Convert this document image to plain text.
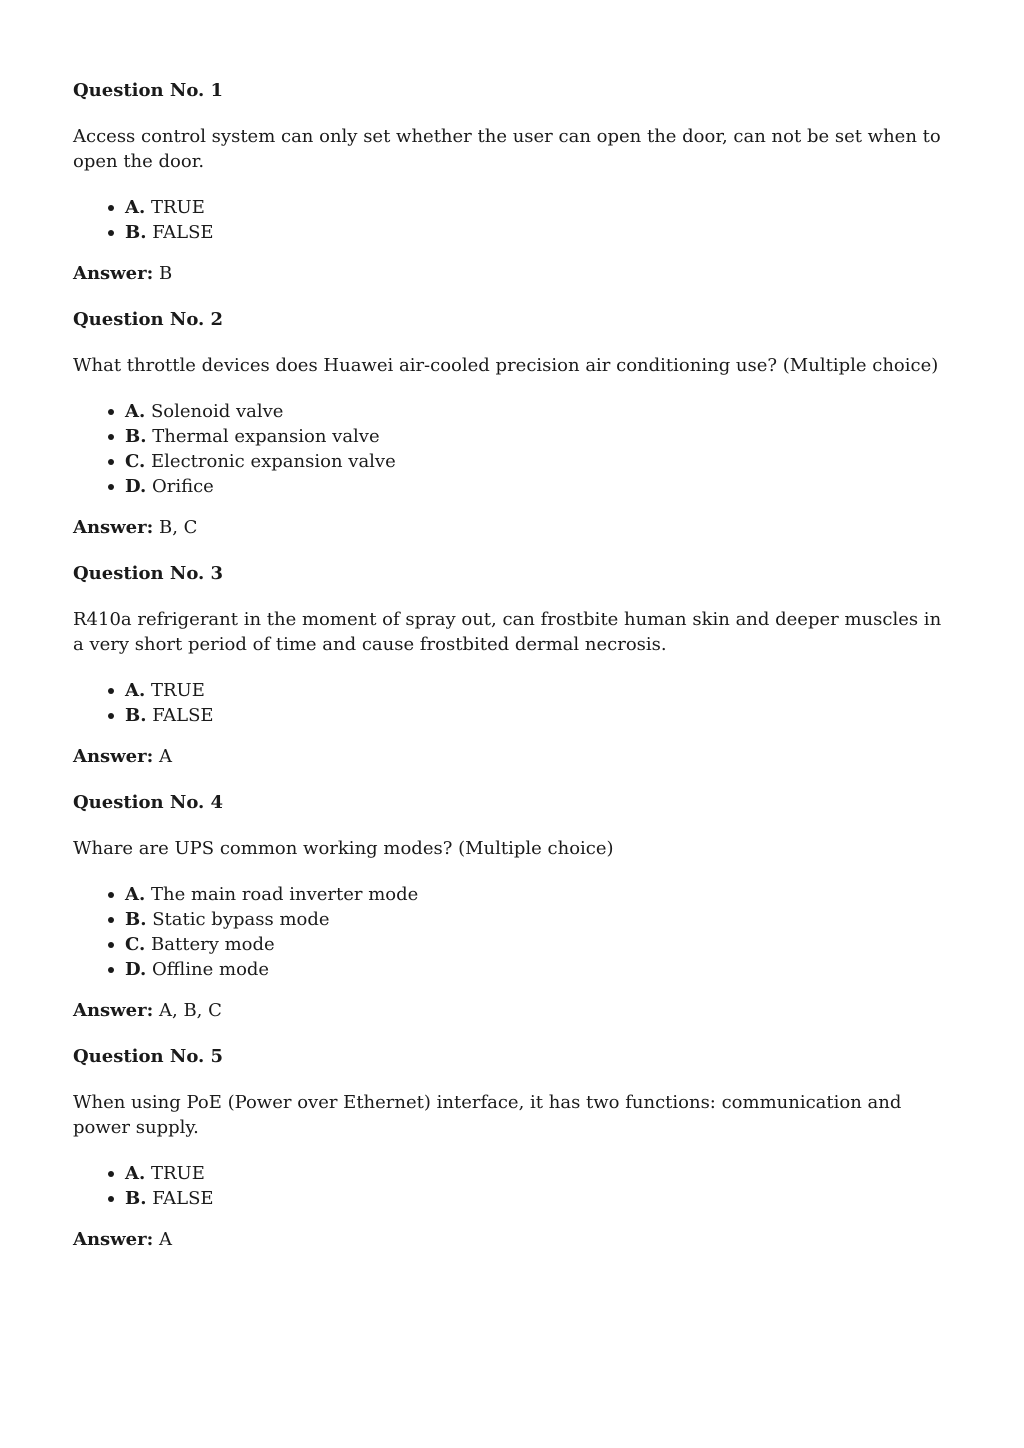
Question No. 1

Access control system can only set whether the user can open the door, can not be set when to open the door.

A. TRUE
B. FALSE

Answer: B

Question No. 2

What throttle devices does Huawei air-cooled precision air conditioning use? (Multiple choice)

A. Solenoid valve
B. Thermal expansion valve
C. Electronic expansion valve
D. Orifice

Answer: B, C

Question No. 3

R410a refrigerant in the moment of spray out, can frostbite human skin and deeper muscles in a very short period of time and cause frostbited dermal necrosis.

A. TRUE
B. FALSE

Answer: A

Question No. 4

Whare are UPS common working modes? (Multiple choice)

A. The main road inverter mode
B. Static bypass mode
C. Battery mode
D. Offline mode

Answer: A, B, C

Question No. 5

When using PoE (Power over Ethernet) interface, it has two functions: communication and power supply.

A. TRUE
B. FALSE

Answer: A
